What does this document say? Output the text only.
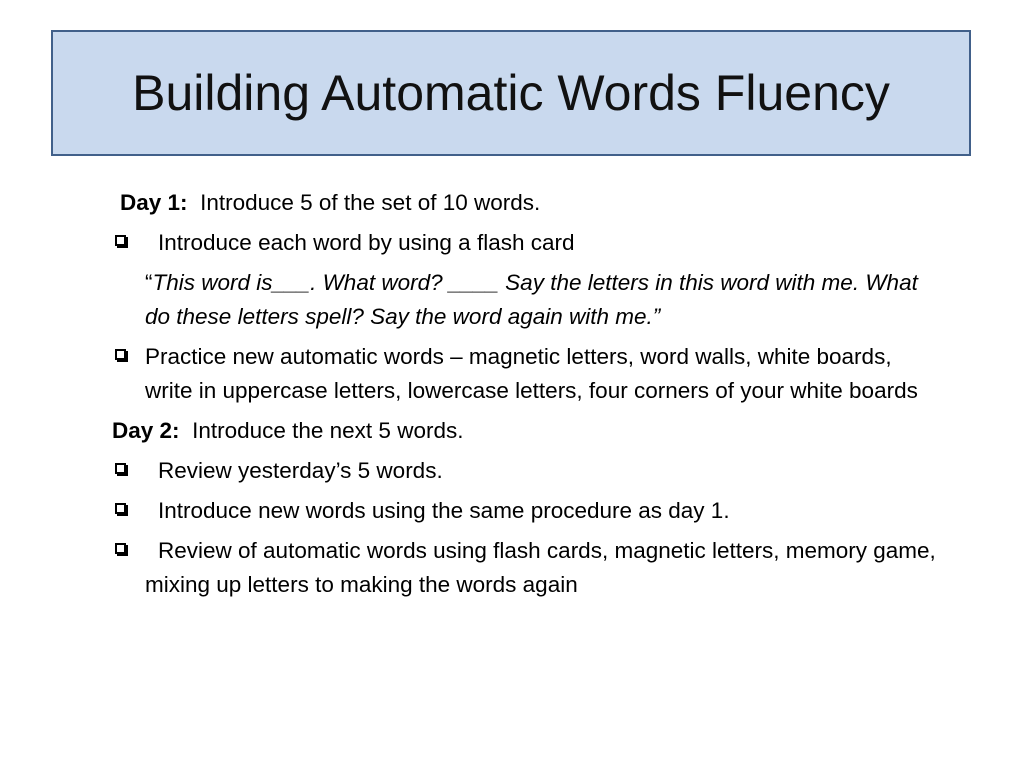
Building Automatic Words Fluency

Day 1: Introduce 5 of the set of 10 words.

Introduce each word by using a flash card
“This word is___. What word? ____ Say the letters in this word with me. What do these letters spell? Say the word again with me.”
Practice new automatic words – magnetic letters, word walls, white boards, write in uppercase letters, lowercase letters, four corners of your white boards

Day 2: Introduce the next 5 words.

Review yesterday’s 5 words.
Introduce new words using the same procedure as day 1.
Review of automatic words using flash cards, magnetic letters, memory game, mixing up letters to making the words again
